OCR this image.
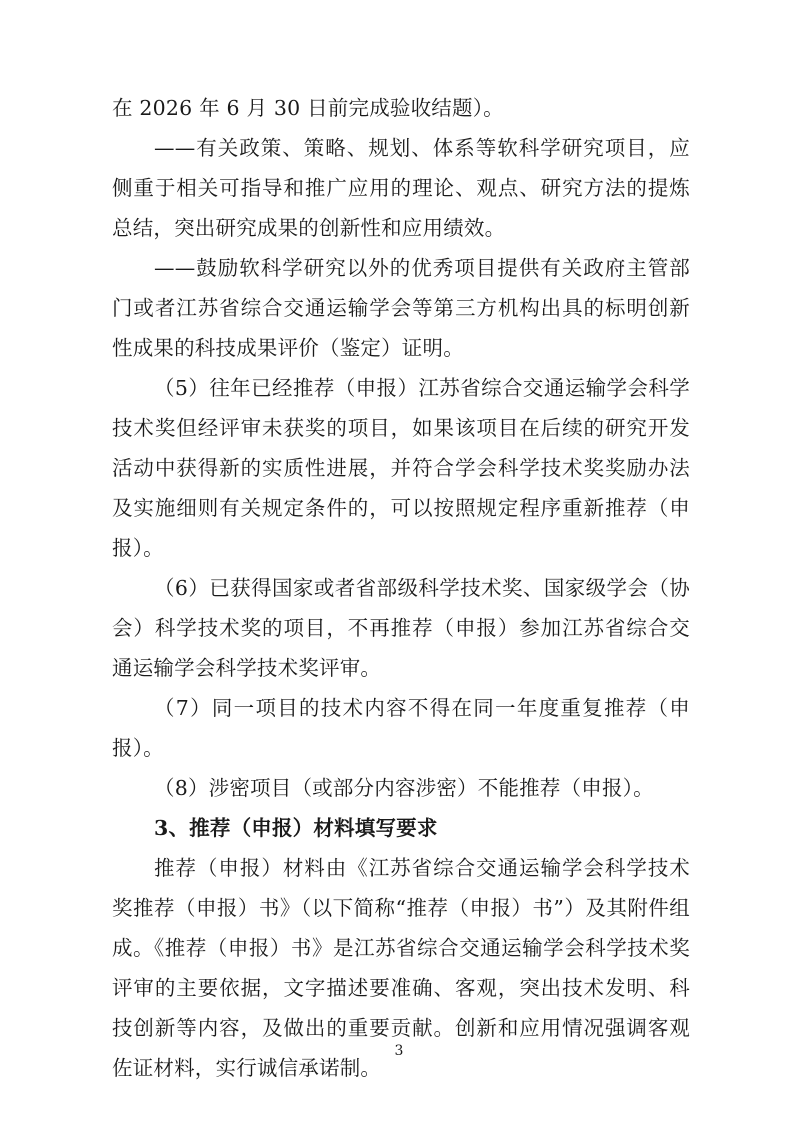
在 2026 年 6 月 30 日前完成验收结题）。

——有关政策、策略、规划、体系等软科学研究项目，应侧重于相关可指导和推广应用的理论、观点、研究方法的提炼总结，突出研究成果的创新性和应用绩效。

——鼓励软科学研究以外的优秀项目提供有关政府主管部门或者江苏省综合交通运输学会等第三方机构出具的标明创新性成果的科技成果评价（鉴定）证明。

（5）往年已经推荐（申报）江苏省综合交通运输学会科学技术奖但经评审未获奖的项目，如果该项目在后续的研究开发活动中获得新的实质性进展，并符合学会科学技术奖奖励办法及实施细则有关规定条件的，可以按照规定程序重新推荐（申报）。

（6）已获得国家或者省部级科学技术奖、国家级学会（协会）科学技术奖的项目，不再推荐（申报）参加江苏省综合交通运输学会科学技术奖评审。

（7）同一项目的技术内容不得在同一年度重复推荐（申报）。

（8）涉密项目（或部分内容涉密）不能推荐（申报）。

3、推荐（申报）材料填写要求

推荐（申报）材料由《江苏省综合交通运输学会科学技术奖推荐（申报）书》（以下简称“推荐（申报）书”）及其附件组成。《推荐（申报）书》是江苏省综合交通运输学会科学技术奖评审的主要依据，文字描述要准确、客观，突出技术发明、科技创新等内容，及做出的重要贡献。创新和应用情况强调客观佐证材料，实行诚信承诺制。

3
